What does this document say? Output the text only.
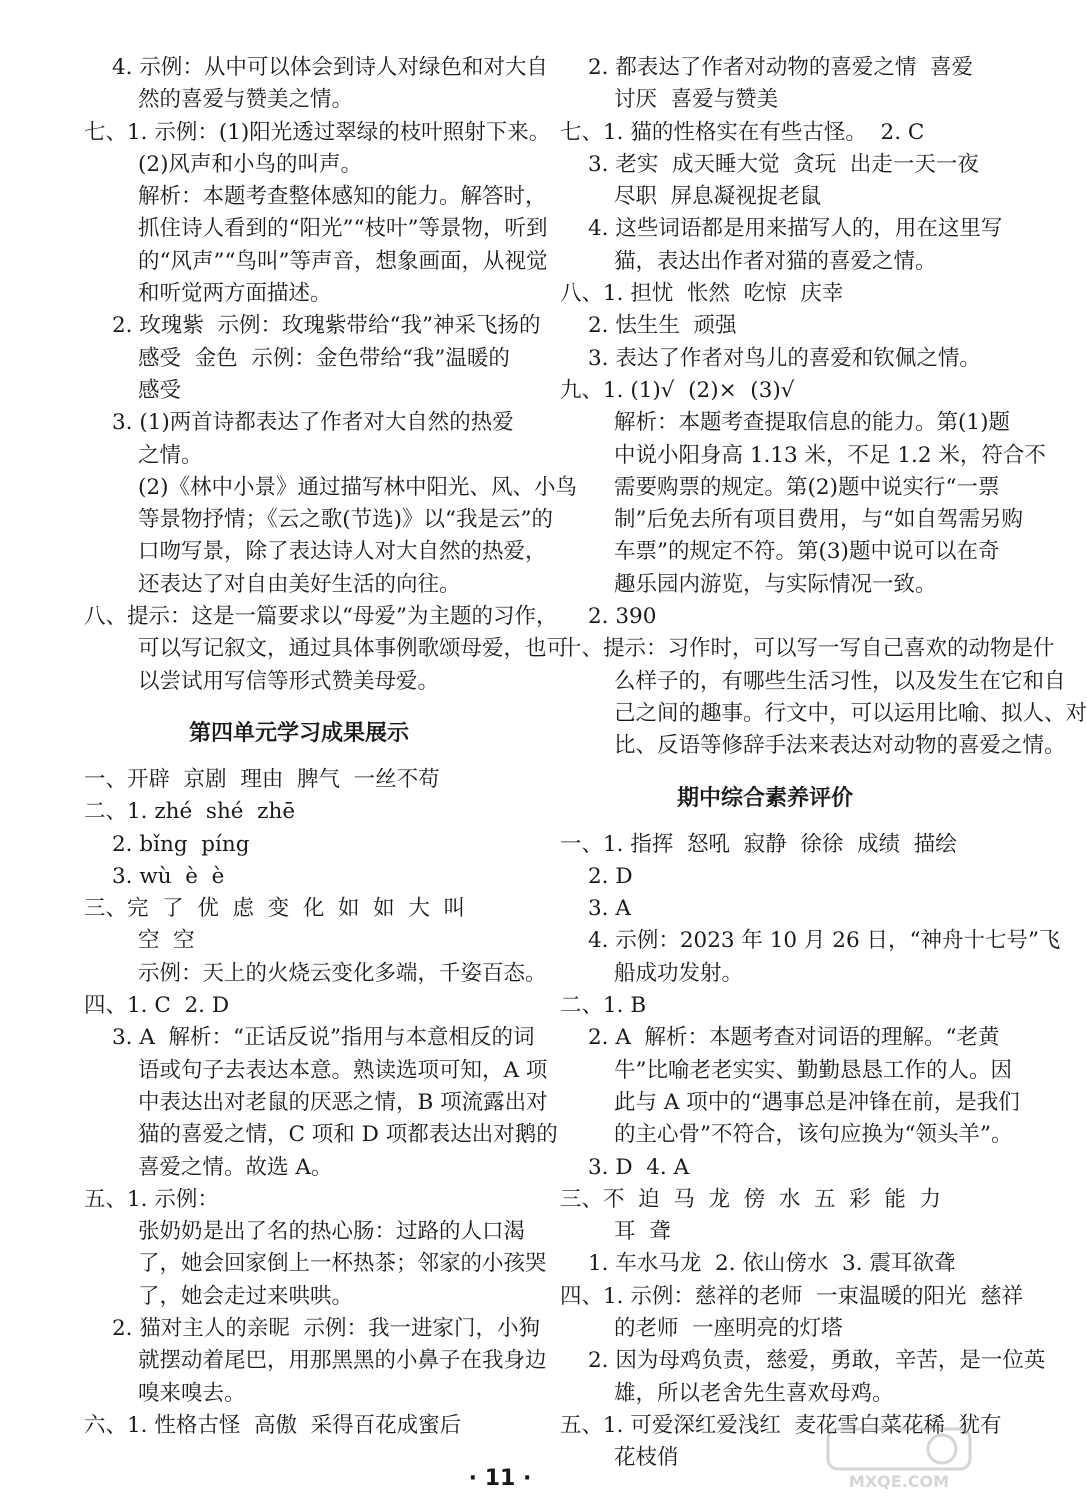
4. 示例：从中可以体会到诗人对绿色和对大自
然的喜爱与赞美之情。
七、1. 示例：(1)阳光透过翠绿的枝叶照射下来。
(2)风声和小鸟的叫声。
解析：本题考查整体感知的能力。解答时，
抓住诗人看到的“阳光”“枝叶”等景物，听到
的“风声”“鸟叫”等声音，想象画面，从视觉
和听觉两方面描述。
2. 玫瑰紫  示例：玫瑰紫带给“我”神采飞扬的
感受  金色  示例：金色带给“我”温暖的
感受
3. (1)两首诗都表达了作者对大自然的热爱
之情。
(2)《林中小景》通过描写林中阳光、风、小鸟
等景物抒情；《云之歌(节选)》以“我是云”的
口吻写景，除了表达诗人对大自然的热爱，
还表达了对自由美好生活的向往。
八、提示：这是一篇要求以“母爱”为主题的习作，
可以写记叙文，通过具体事例歌颂母爱，也可
以尝试用写信等形式赞美母爱。
第四单元学习成果展示
一、开辟  京剧  理由  脾气  一丝不苟
二、1. zhé  shé  zhē
2. bǐng  píng
3. wù  è  è
三、完  了  优  虑  变  化  如  如  大  叫
空  空
示例：天上的火烧云变化多端，千姿百态。
四、1. C  2. D
3. A  解析：“正话反说”指用与本意相反的词
语或句子去表达本意。熟读选项可知，A 项
中表达出对老鼠的厌恶之情，B 项流露出对
猫的喜爱之情，C 项和 D 项都表达出对鹅的
喜爱之情。故选 A。
五、1. 示例：
张奶奶是出了名的热心肠：过路的人口渴
了，她会回家倒上一杯热茶；邻家的小孩哭
了，她会走过来哄哄。
2. 猫对主人的亲昵  示例：我一进家门，小狗
就摆动着尾巴，用那黑黑的小鼻子在我身边
嗅来嗅去。
六、1. 性格古怪  高傲  采得百花成蜜后
2. 都表达了作者对动物的喜爱之情  喜爱
讨厌  喜爱与赞美
七、1. 猫的性格实在有些古怪。  2. C
3. 老实  成天睡大觉  贪玩  出走一天一夜
尽职  屏息凝视捉老鼠
4. 这些词语都是用来描写人的，用在这里写
猫，表达出作者对猫的喜爱之情。
八、1. 担忧  怅然  吃惊  庆幸
2. 怯生生  顽强
3. 表达了作者对鸟儿的喜爱和钦佩之情。
九、1. (1)√  (2)×  (3)√
解析：本题考查提取信息的能力。第(1)题
中说小阳身高 1.13 米，不足 1.2 米，符合不
需要购票的规定。第(2)题中说实行“一票
制”后免去所有项目费用，与“如自驾需另购
车票”的规定不符。第(3)题中说可以在奇
趣乐园内游览，与实际情况一致。
2. 390
十、提示：习作时，可以写一写自己喜欢的动物是什
么样子的，有哪些生活习性，以及发生在它和自
己之间的趣事。行文中，可以运用比喻、拟人、对
比、反语等修辞手法来表达对动物的喜爱之情。
期中综合素养评价
一、1. 指挥  怒吼  寂静  徐徐  成绩  描绘
2. D
3. A
4. 示例：2023 年 10 月 26 日，“神舟十七号”飞
船成功发射。
二、1. B
2. A  解析：本题考查对词语的理解。“老黄
牛”比喻老老实实、勤勤恳恳工作的人。因
此与 A 项中的“遇事总是冲锋在前，是我们
的主心骨”不符合，该句应换为“领头羊”。
3. D  4. A
三、不  迫  马  龙  傍  水  五  彩  能  力
耳  聋
1. 车水马龙  2. 依山傍水  3. 震耳欲聋
四、1. 示例：慈祥的老师  一束温暖的阳光  慈祥
的老师  一座明亮的灯塔
2. 因为母鸡负责，慈爱，勇敢，辛苦，是一位英
雄，所以老舍先生喜欢母鸡。
五、1. 可爱深红爱浅红  麦花雪白菜花稀  犹有
花枝俏
· 11 ·	MXQE.COM
